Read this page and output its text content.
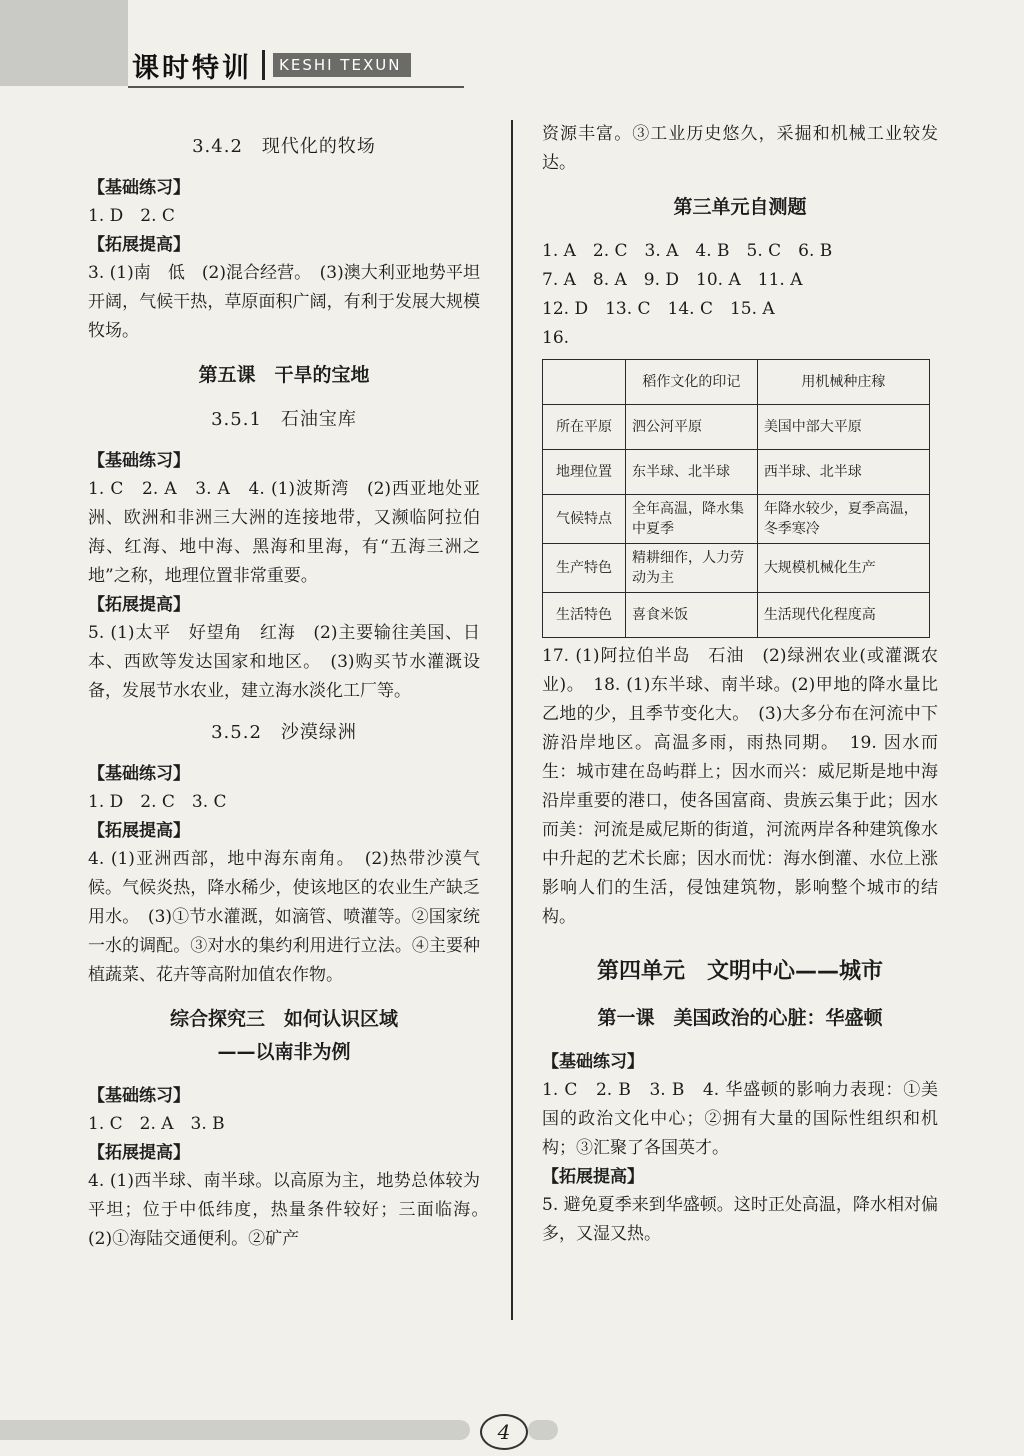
课时特训	KESHI TEXUN
3.4.2　现代化的牧场
【基础练习】
1. D　2. C
【拓展提高】
3. (1)南　低　(2)混合经营。　(3)澳大利亚地势平坦开阔，气候干热，草原面积广阔，有利于发展大规模牧场。
第五课　干旱的宝地
3.5.1　石油宝库
【基础练习】
1. C　2. A　3. A　4. (1)波斯湾　(2)西亚地处亚洲、欧洲和非洲三大洲的连接地带，又濒临阿拉伯海、红海、地中海、黑海和里海，有“五海三洲之地”之称，地理位置非常重要。
【拓展提高】
5. (1)太平　好望角　红海　(2)主要输往美国、日本、西欧等发达国家和地区。　(3)购买节水灌溉设备，发展节水农业，建立海水淡化工厂等。
3.5.2　沙漠绿洲
【基础练习】
1. D　2. C　3. C
【拓展提高】
4. (1)亚洲西部，地中海东南角。　(2)热带沙漠气候。气候炎热，降水稀少，使该地区的农业生产缺乏用水。　(3)①节水灌溉，如滴管、喷灌等。②国家统一水的调配。③对水的集约利用进行立法。④主要种植蔬菜、花卉等高附加值农作物。
综合探究三　如何认识区域
——以南非为例
【基础练习】
1. C　2. A　3. B
【拓展提高】
4. (1)西半球、南半球。以高原为主，地势总体较为平坦；位于中低纬度，热量条件较好；三面临海。　(2)①海陆交通便利。②矿产
资源丰富。③工业历史悠久，采掘和机械工业较发达。
第三单元自测题
1. A　2. C　3. A　4. B　5. C　6. B
7. A　8. A　9. D　10. A　11. A
12. D　13. C　14. C　15. A
16.
	稻作文化的印记	用机械种庄稼
所在平原	泗公河平原	美国中部大平原
地理位置	东半球、北半球	西半球、北半球
气候特点	全年高温，降水集中夏季	年降水较少，夏季高温，冬季寒冷
生产特色	精耕细作，人力劳动为主	大规模机械化生产
生活特色	喜食米饭	生活现代化程度高
17. (1)阿拉伯半岛　石油　(2)绿洲农业(或灌溉农业)。　18. (1)东半球、南半球。(2)甲地的降水量比乙地的少，且季节变化大。　(3)大多分布在河流中下游沿岸地区。高温多雨，雨热同期。　19. 因水而生：城市建在岛屿群上；因水而兴：威尼斯是地中海沿岸重要的港口，使各国富商、贵族云集于此；因水而美：河流是威尼斯的街道，河流两岸各种建筑像水中升起的艺术长廊；因水而忧：海水倒灌、水位上涨影响人们的生活，侵蚀建筑物，影响整个城市的结构。
第四单元　文明中心——城市
第一课　美国政治的心脏：华盛顿
【基础练习】
1. C　2. B　3. B　4. 华盛顿的影响力表现：①美国的政治文化中心；②拥有大量的国际性组织和机构；③汇聚了各国英才。
【拓展提高】
5. 避免夏季来到华盛顿。这时正处高温，降水相对偏多，又湿又热。
4
